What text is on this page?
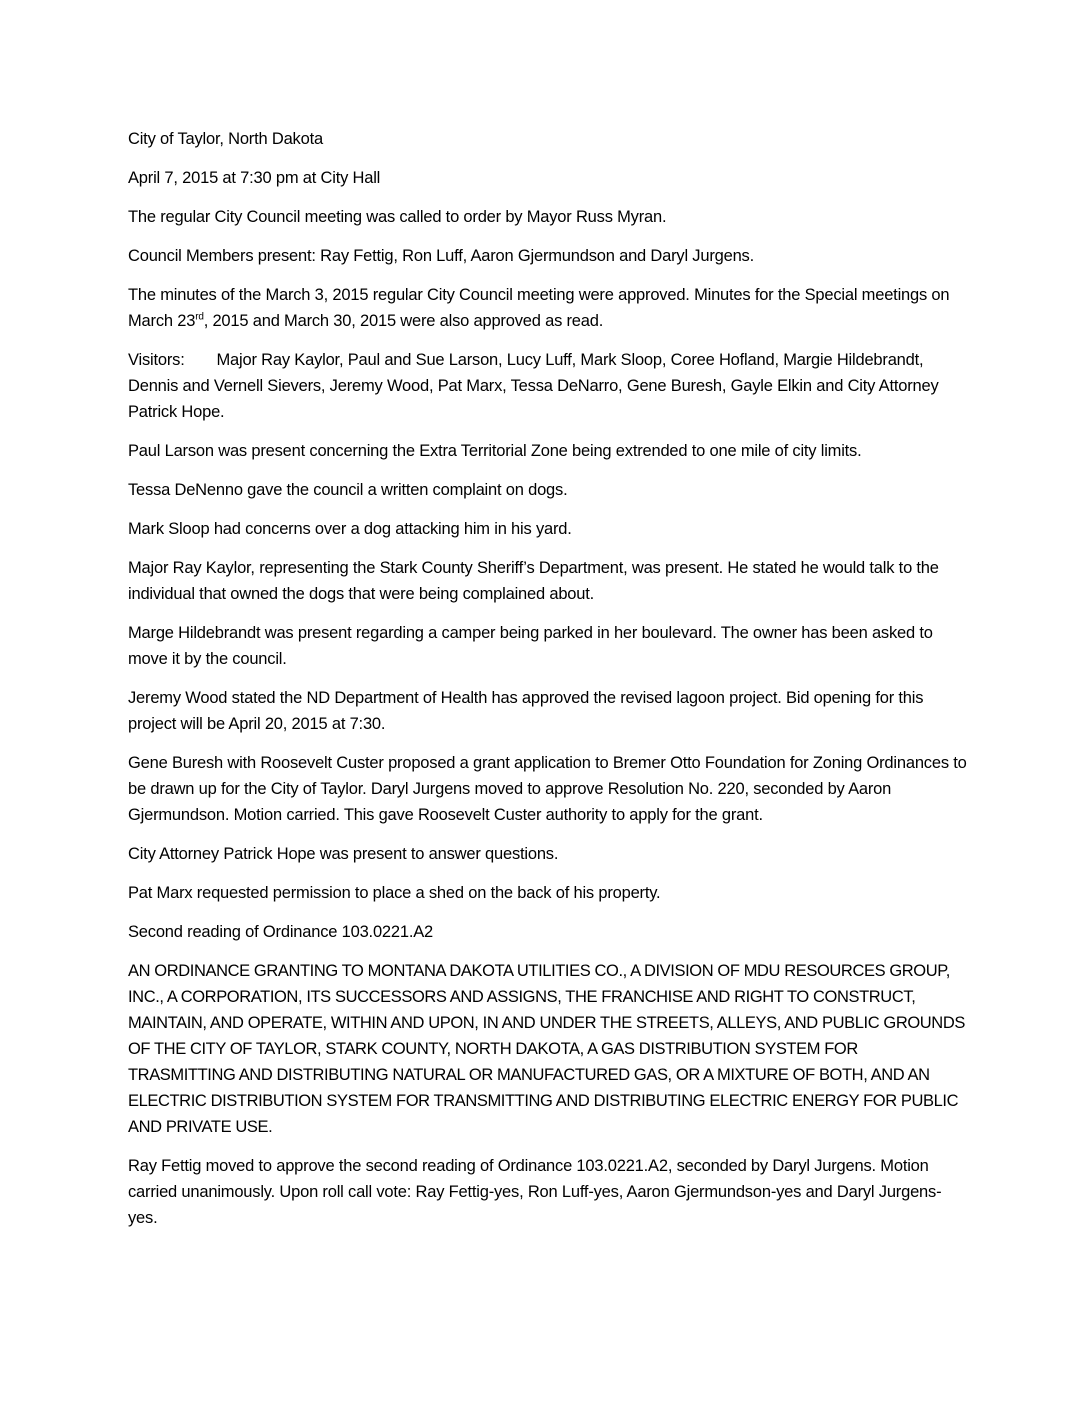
City of Taylor, North Dakota

April 7, 2015 at 7:30 pm at City Hall

The regular City Council meeting was called to order by Mayor Russ Myran.

Council Members present: Ray Fettig, Ron Luff, Aaron Gjermundson and Daryl Jurgens.

The minutes of the March 3, 2015 regular City Council meeting were approved. Minutes for the Special meetings on March 23rd, 2015 and March 30, 2015 were also approved as read.

Visitors: Major Ray Kaylor, Paul and Sue Larson, Lucy Luff, Mark Sloop, Coree Hofland, Margie Hildebrandt, Dennis and Vernell Sievers, Jeremy Wood, Pat Marx, Tessa DeNarro, Gene Buresh, Gayle Elkin and City Attorney Patrick Hope.

Paul Larson was present concerning the Extra Territorial Zone being extrended to one mile of city limits.

Tessa DeNenno gave the council a written complaint on dogs.

Mark Sloop had concerns over a dog attacking him in his yard.

Major Ray Kaylor, representing the Stark County Sheriff’s Department, was present. He stated he would talk to the individual that owned the dogs that were being complained about.

Marge Hildebrandt was present regarding a camper being parked in her boulevard. The owner has been asked to move it by the council.

Jeremy Wood stated the ND Department of Health has approved the revised lagoon project. Bid opening for this project will be April 20, 2015 at 7:30.

Gene Buresh with Roosevelt Custer proposed a grant application to Bremer Otto Foundation for Zoning Ordinances to be drawn up for the City of Taylor. Daryl Jurgens moved to approve Resolution No. 220, seconded by Aaron Gjermundson. Motion carried. This gave Roosevelt Custer authority to apply for the grant.

City Attorney Patrick Hope was present to answer questions.

Pat Marx requested permission to place a shed on the back of his property.

Second reading of Ordinance 103.0221.A2

AN ORDINANCE GRANTING TO MONTANA DAKOTA UTILITIES CO., A DIVISION OF MDU RESOURCES GROUP, INC., A CORPORATION, ITS SUCCESSORS AND ASSIGNS, THE FRANCHISE AND RIGHT TO CONSTRUCT, MAINTAIN, AND OPERATE, WITHIN AND UPON, IN AND UNDER THE STREETS, ALLEYS, AND PUBLIC GROUNDS OF THE CITY OF TAYLOR, STARK COUNTY, NORTH DAKOTA, A GAS DISTRIBUTION SYSTEM FOR TRASMITTING AND DISTRIBUTING NATURAL OR MANUFACTURED GAS, OR A MIXTURE OF BOTH, AND AN ELECTRIC DISTRIBUTION SYSTEM FOR TRANSMITTING AND DISTRIBUTING ELECTRIC ENERGY FOR PUBLIC AND PRIVATE USE.

Ray Fettig moved to approve the second reading of Ordinance 103.0221.A2, seconded by Daryl Jurgens. Motion carried unanimously. Upon roll call vote: Ray Fettig-yes, Ron Luff-yes, Aaron Gjermundson-yes and Daryl Jurgens-yes.
